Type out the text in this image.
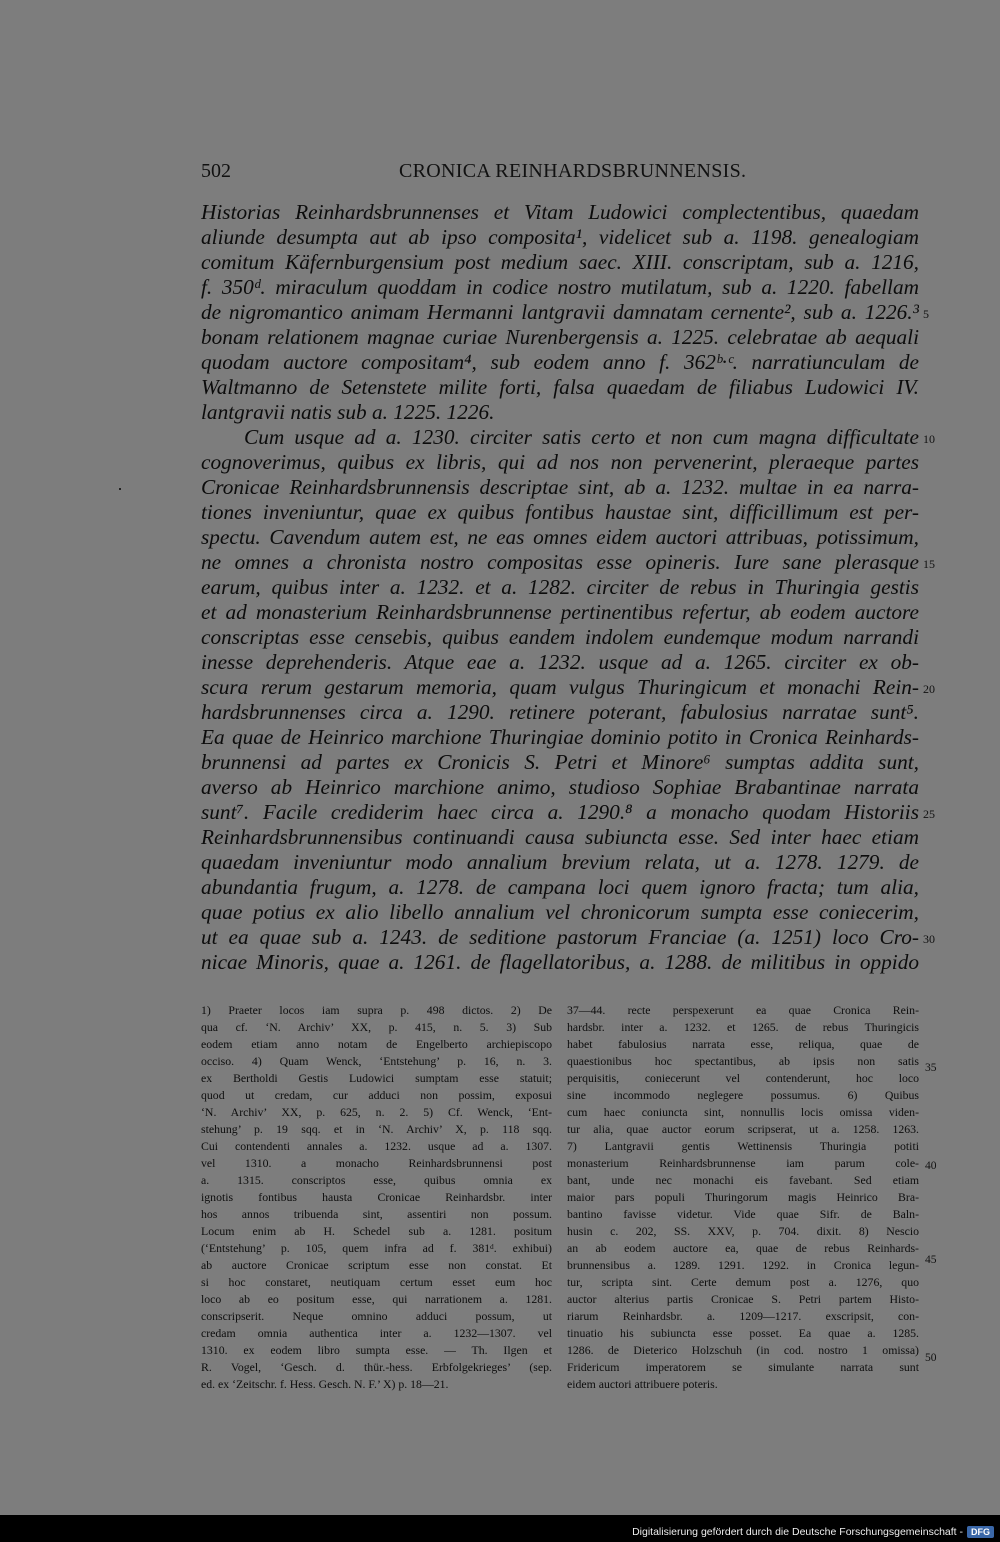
502	CRONICA REINHARDSBRUNNENSIS.
Historias Reinhardsbrunnenses et Vitam Ludowici complectentibus, quaedam
aliunde desumpta aut ab ipso composita¹, videlicet sub a. 1198. genealogiam
comitum Käfernburgensium post medium saec. XIII. conscriptam, sub a. 1216,
f. 350ᵈ. miraculum quoddam in codice nostro mutilatum, sub a. 1220. fabellam
de nigromantico animam Hermanni lantgravii damnatam cernente², sub a. 1226.³
bonam relationem magnae curiae Nurenbergensis a. 1225. celebratae ab aequali
quodam auctore compositam⁴, sub eodem anno f. 362ᵇ·ᶜ. narratiunculam de
Waltmanno de Setenstete milite forti, falsa quaedam de filiabus Ludowici IV.
lantgravii natis sub a. 1225. 1226.
Cum usque ad a. 1230. circiter satis certo et non cum magna difficultate
cognoverimus, quibus ex libris, qui ad nos non pervenerint, pleraeque partes
Cronicae Reinhardsbrunnensis descriptae sint, ab a. 1232. multae in ea narra-
tiones inveniuntur, quae ex quibus fontibus haustae sint, difficillimum est per-
spectu. Cavendum autem est, ne eas omnes eidem auctori attribuas, potissimum,
ne omnes a chronista nostro compositas esse opineris. Iure sane plerasque
earum, quibus inter a. 1232. et a. 1282. circiter de rebus in Thuringia gestis
et ad monasterium Reinhardsbrunnense pertinentibus refertur, ab eodem auctore
conscriptas esse censebis, quibus eandem indolem eundemque modum narrandi
inesse deprehenderis. Atque eae a. 1232. usque ad a. 1265. circiter ex ob-
scura rerum gestarum memoria, quam vulgus Thuringicum et monachi Rein-
hardsbrunnenses circa a. 1290. retinere poterant, fabulosius narratae sunt⁵.
Ea quae de Heinrico marchione Thuringiae dominio potito in Cronica Reinhards-
brunnensi ad partes ex Cronicis S. Petri et Minore⁶ sumptas addita sunt,
averso ab Heinrico marchione animo, studioso Sophiae Brabantinae narrata
sunt⁷. Facile crediderim haec circa a. 1290.⁸ a monacho quodam Historiis
Reinhardsbrunnensibus continuandi causa subiuncta esse. Sed inter haec etiam
quaedam inveniuntur modo annalium brevium relata, ut a. 1278. 1279. de
abundantia frugum, a. 1278. de campana loci quem ignoro fracta; tum alia,
quae potius ex alio libello annalium vel chronicorum sumpta esse coniecerim,
ut ea quae sub a. 1243. de seditione pastorum Franciae (a. 1251) loco Cro-
nicae Minoris, quae a. 1261. de flagellatoribus, a. 1288. de militibus in oppido
5
10
15
20
25
30
1) Praeter locos iam supra p. 498 dictos. 2) De
qua cf. ‘N. Archiv’ XX, p. 415, n. 5. 3) Sub
eodem etiam anno notam de Engelberto archiepiscopo
occiso. 4) Quam Wenck, ‘Entstehung’ p. 16, n. 3.
ex Bertholdi Gestis Ludowici sumptam esse statuit;
quod ut credam, cur adduci non possim, exposui
‘N. Archiv’ XX, p. 625, n. 2. 5) Cf. Wenck, ‘Ent-
stehung’ p. 19 sqq. et in ‘N. Archiv’ X, p. 118 sqq.
Cui contendenti annales a. 1232. usque ad a. 1307.
vel 1310. a monacho Reinhardsbrunnensi post
a. 1315. conscriptos esse, quibus omnia ex
ignotis fontibus hausta Cronicae Reinhardsbr. inter
hos annos tribuenda sint, assentiri non possum.
Locum enim ab H. Schedel sub a. 1281. positum
(‘Entstehung’ p. 105, quem infra ad f. 381ᵈ. exhibui)
ab auctore Cronicae scriptum esse non constat. Et
si hoc constaret, neutiquam certum esset eum hoc
loco ab eo positum esse, qui narrationem a. 1281.
conscripserit. Neque omnino adduci possum, ut
credam omnia authentica inter a. 1232—1307. vel
1310. ex eodem libro sumpta esse. — Th. Ilgen et
R. Vogel, ‘Gesch. d. thür.-hess. Erbfolgekrieges’ (sep.
ed. ex ‘Zeitschr. f. Hess. Gesch. N. F.’ X) p. 18—21.
37—44. recte perspexerunt ea quae Cronica Rein-
hardsbr. inter a. 1232. et 1265. de rebus Thuringicis
habet fabulosius narrata esse, reliqua, quae de
quaestionibus hoc spectantibus, ab ipsis non satis
perquisitis, coniecerunt vel contenderunt, hoc loco
sine incommodo neglegere possumus. 6) Quibus
cum haec coniuncta sint, nonnullis locis omissa viden-
tur alia, quae auctor eorum scripserat, ut a. 1258. 1263.
7) Lantgravii gentis Wettinensis Thuringia potiti
monasterium Reinhardsbrunnense iam parum cole-
bant, unde nec monachi eis favebant. Sed etiam
maior pars populi Thuringorum magis Heinrico Bra-
bantino favisse videtur. Vide quae Sifr. de Baln-
husin c. 202, SS. XXV, p. 704. dixit. 8) Nescio
an ab eodem auctore ea, quae de rebus Reinhards-
brunnensibus a. 1289. 1291. 1292. in Cronica legun-
tur, scripta sint. Certe demum post a. 1276, quo
auctor alterius partis Cronicae S. Petri partem Histo-
riarum Reinhardsbr. a. 1209—1217. exscripsit, con-
tinuatio his subiuncta esse posset. Ea quae a. 1285.
1286. de Dieterico Holzschuh (in cod. nostro 1 omissa)
Fridericum imperatorem se simulante narrata sunt
eidem auctori attribuere poteris.
35
40
45
50
Digitalisierung gefördert durch die Deutsche Forschungsgemeinschaft - DFG
